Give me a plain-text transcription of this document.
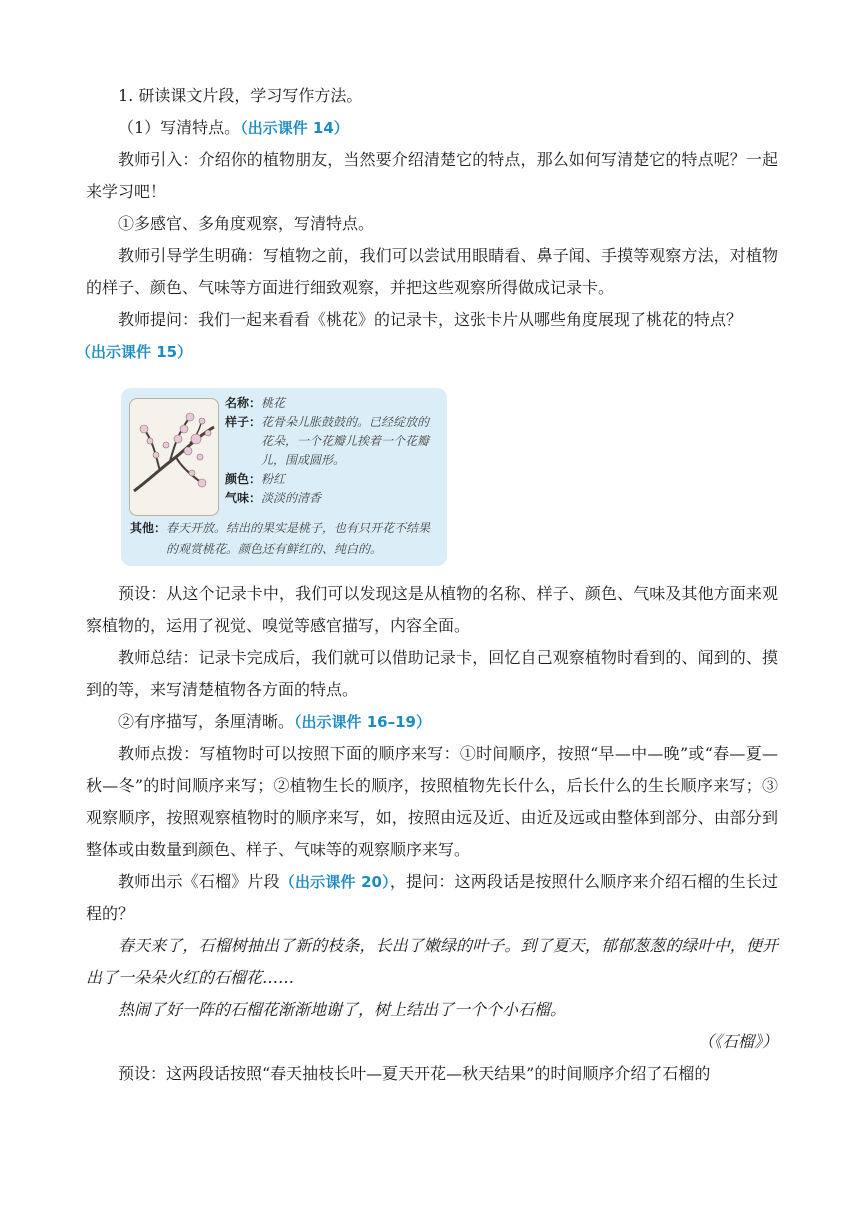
1. 研读课文片段，学习写作方法。

（1）写清特点。（出示课件 14）

教师引入：介绍你的植物朋友，当然要介绍清楚它的特点，那么如何写清楚它的特点呢？一起来学习吧！

①多感官、多角度观察，写清特点。

教师引导学生明确：写植物之前，我们可以尝试用眼睛看、鼻子闻、手摸等观察方法，对植物的样子、颜色、气味等方面进行细致观察，并把这些观察所得做成记录卡。

教师提问：我们一起来看看《桃花》的记录卡，这张卡片从哪些角度展现了桃花的特点？

（出示课件 15）

名称： 桃花
样子： 花骨朵儿胀鼓鼓的。已经绽放的花朵，一个花瓣儿挨着一个花瓣儿，围成圆形。
颜色： 粉红
气味： 淡淡的清香
其他： 春天开放。结出的果实是桃子，也有只开花不结果的观赏桃花。颜色还有鲜红的、纯白的。

预设：从这个记录卡中，我们可以发现这是从植物的名称、样子、颜色、气味及其他方面来观察植物的，运用了视觉、嗅觉等感官描写，内容全面。

教师总结：记录卡完成后，我们就可以借助记录卡，回忆自己观察植物时看到的、闻到的、摸到的等，来写清楚植物各方面的特点。

②有序描写，条厘清晰。（出示课件 16–19）

教师点拨：写植物时可以按照下面的顺序来写：①时间顺序，按照“早—中—晚”或“春—夏—秋—冬”的时间顺序来写；②植物生长的顺序，按照植物先长什么，后长什么的生长顺序来写；③观察顺序，按照观察植物时的顺序来写，如，按照由远及近、由近及远或由整体到部分、由部分到整体或由数量到颜色、样子、气味等的观察顺序来写。

教师出示《石榴》片段（出示课件 20），提问：这两段话是按照什么顺序来介绍石榴的生长过程的？

春天来了，石榴树抽出了新的枝条，长出了嫩绿的叶子。到了夏天，郁郁葱葱的绿叶中，便开出了一朵朵火红的石榴花……

热闹了好一阵的石榴花渐渐地谢了，树上结出了一个个小石榴。

（《石榴》）

预设：这两段话按照“春天抽枝长叶—夏天开花—秋天结果”的时间顺序介绍了石榴的
